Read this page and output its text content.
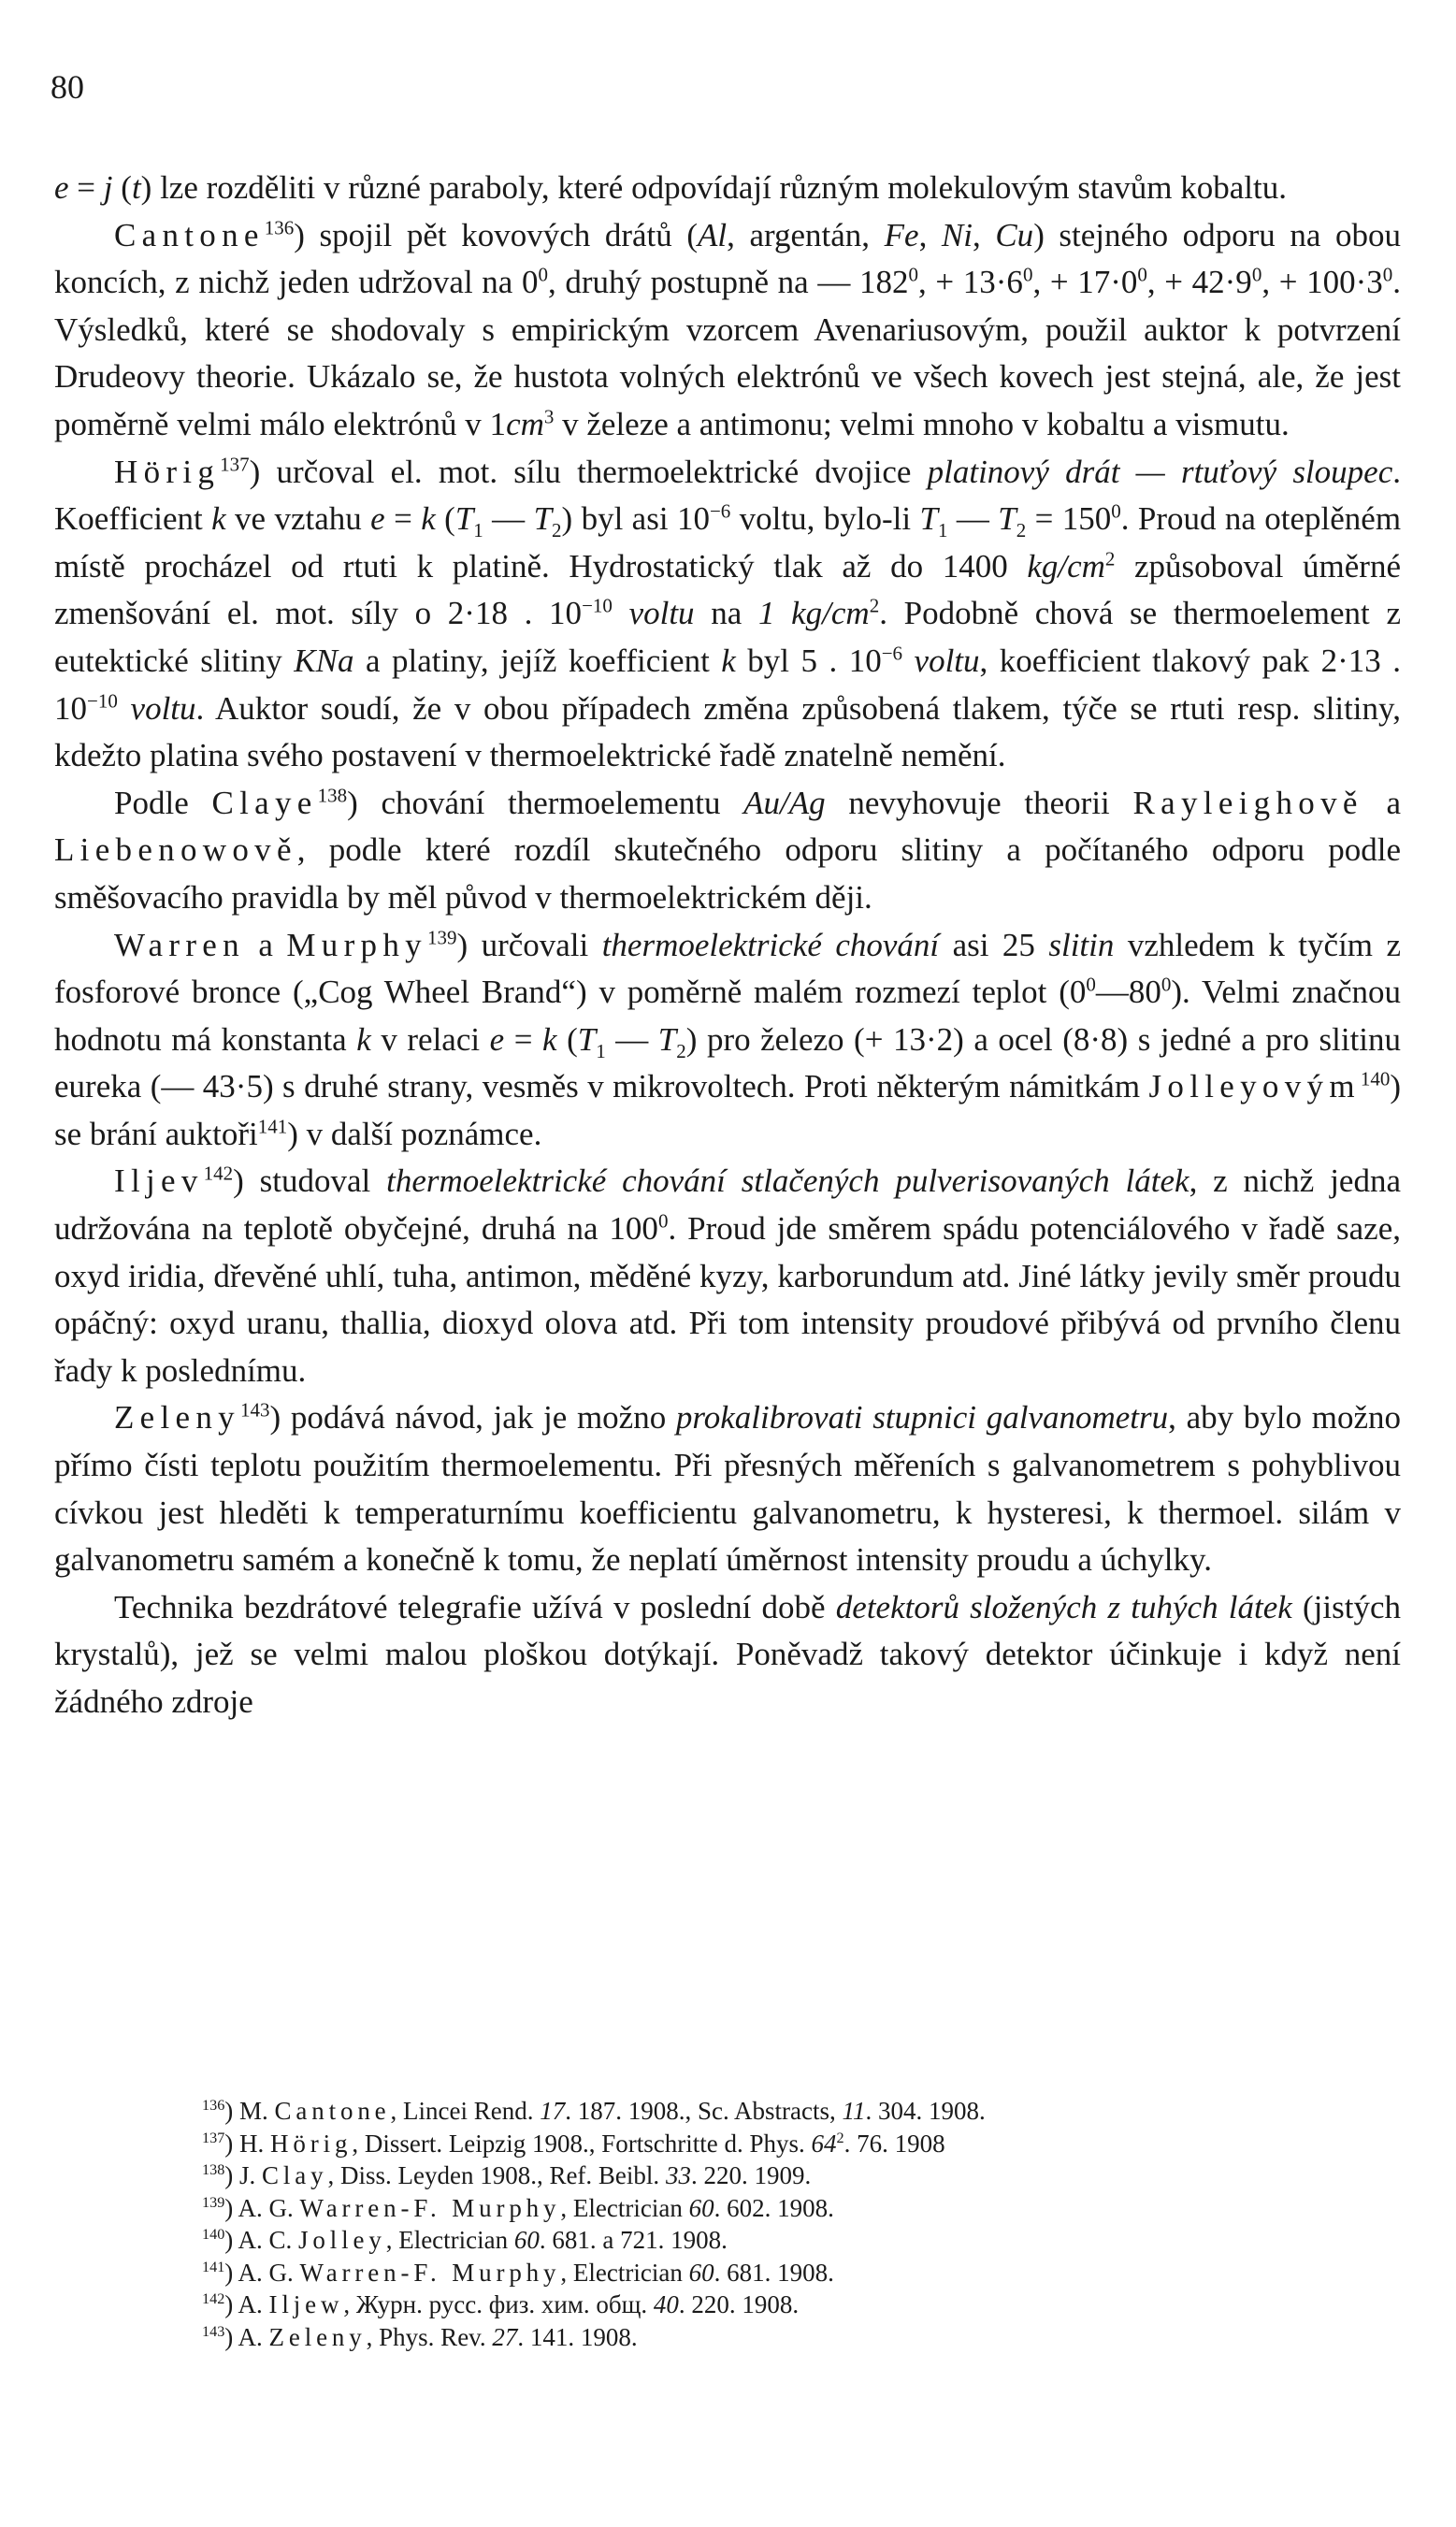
80

e = j (t) lze rozděliti v různé paraboly, které odpovídají různým molekulovým stavům kobaltu.

Cantone$^{136}$) spojil pět kovových drátů (Al, argentán, Fe, Ni, Cu) stejného odporu na obou koncích, z nichž jeden udržoval na $0^0$, druhý postupně na — $182^0$, + $13\cdot 6^0$, + $17\cdot 0^0$, + $42\cdot 9^0$, + $100\cdot 3^0$. Výsledků, které se shodovaly s empirickým vzorcem Avenariusovým, použil auktor k potvrzení Drudeovy theorie. Ukázalo se, že hustota volných elektrónů ve všech kovech jest stejná, ale, že jest poměrně velmi málo elektrónů v $1cm^3$ v železe a antimonu; velmi mnoho v kobaltu a vismutu.

Hörig$^{137}$) určoval el. mot. sílu thermoelektrické dvojice platinový drát — rtuťový sloupec. Koefficient k ve vztahu e = k ($T_1$ — $T_2$) byl asi $10^{-6}$ voltu, bylo-li $T_1$ — $T_2 = 150^0$. Proud na oteplěném místě procházel od rtuti k platině. Hydrostatický tlak až do 1400 $kg/cm^2$ způsoboval úměrné zmenšování el. mot. síly o 2·18 . $10^{-10}$ voltu na 1 $kg/cm^2$. Podobně chová se thermoelement z eutektické slitiny KNa a platiny, jejíž koefficient k byl 5 . $10^{-6}$ voltu, koefficient tlakový pak 2·13 . $10^{-10}$ voltu. Auktor soudí, že v obou případech změna způsobená tlakem, týče se rtuti resp. slitiny, kdežto platina svého postavení v thermoelektrické řadě znatelně nemění.

Podle Claye$^{138}$) chování thermoelementu Au/Ag nevyhovuje theorii Rayleighově a Liebenowově, podle které rozdíl skutečného odporu slitiny a počítaného odporu podle směšovacího pravidla by měl původ v thermoelektrickém ději.

Warren a Murphy$^{139}$) určovali thermoelektrické chování asi 25 slitin vzhledem k tyčím z fosforové bronce („Cog Wheel Brand“) v poměrně malém rozmezí teplot $(0^0—80^0)$. Velmi značnou hodnotu má konstanta k v relaci e = k ($T_1$ — $T_2$) pro železo (+ 13·2) a ocel (8·8) s jedné a pro slitinu eureka (— 43·5) s druhé strany, vesměs v mikrovoltech. Proti některým námitkám Jolleyovým$^{140}$) se brání auktoři$^{141}$) v další poznámce.

Iljev$^{142}$) studoval thermoelektrické chování stlačených pulverisovaných látek, z nichž jedna udržována na teplotě obyčejné, druhá na $100^0$. Proud jde směrem spádu potenciálového v řadě saze, oxyd iridia, dřevěné uhlí, tuha, antimon, měděné kyzy, karborundum atd. Jiné látky jevily směr proudu opáčný: oxyd uranu, thallia, dioxyd olova atd. Při tom intensity proudové přibývá od prvního členu řady k poslednímu.

Zeleny$^{143}$) podává návod, jak je možno prokalibrovati stupnici galvanometru, aby bylo možno přímo čísti teplotu použitím thermoelementu. Při přesných měřeních s galvanometrem s pohyblivou cívkou jest hleděti k temperaturnímu koefficientu galvanometru, k hysteresi, k thermoel. silám v galvanometru samém a konečně k tomu, že neplatí úměrnost intensity proudu a úchylky.

Technika bezdrátové telegrafie užívá v poslední době detektorů složených z tuhých látek (jistých krystalů), jež se velmi malou ploškou dotýkají. Poněvadž takový detektor účinkuje i když není žádného zdroje

$^{136}$) M. Cantone, Lincei Rend. 17. 187. 1908., Sc. Abstracts, 11. 304. 1908.

$^{137}$) H. Hörig, Dissert. Leipzig 1908., Fortschritte d. Phys. $64^2$. 76. 1908

$^{138}$) J. Clay, Diss. Leyden 1908., Ref. Beibl. 33. 220. 1909.

$^{139}$) A. G. Warren-F. Murphy, Electrician 60. 602. 1908.

$^{140}$) A. C. Jolley, Electrician 60. 681. a 721. 1908.

$^{141}$) A. G. Warren-F. Murphy, Electrician 60. 681. 1908.

$^{142}$) A. Iljew, Журн. русс. физ. хим. общ. 40. 220. 1908.

$^{143}$) A. Zeleny, Phys. Rev. 27. 141. 1908.
